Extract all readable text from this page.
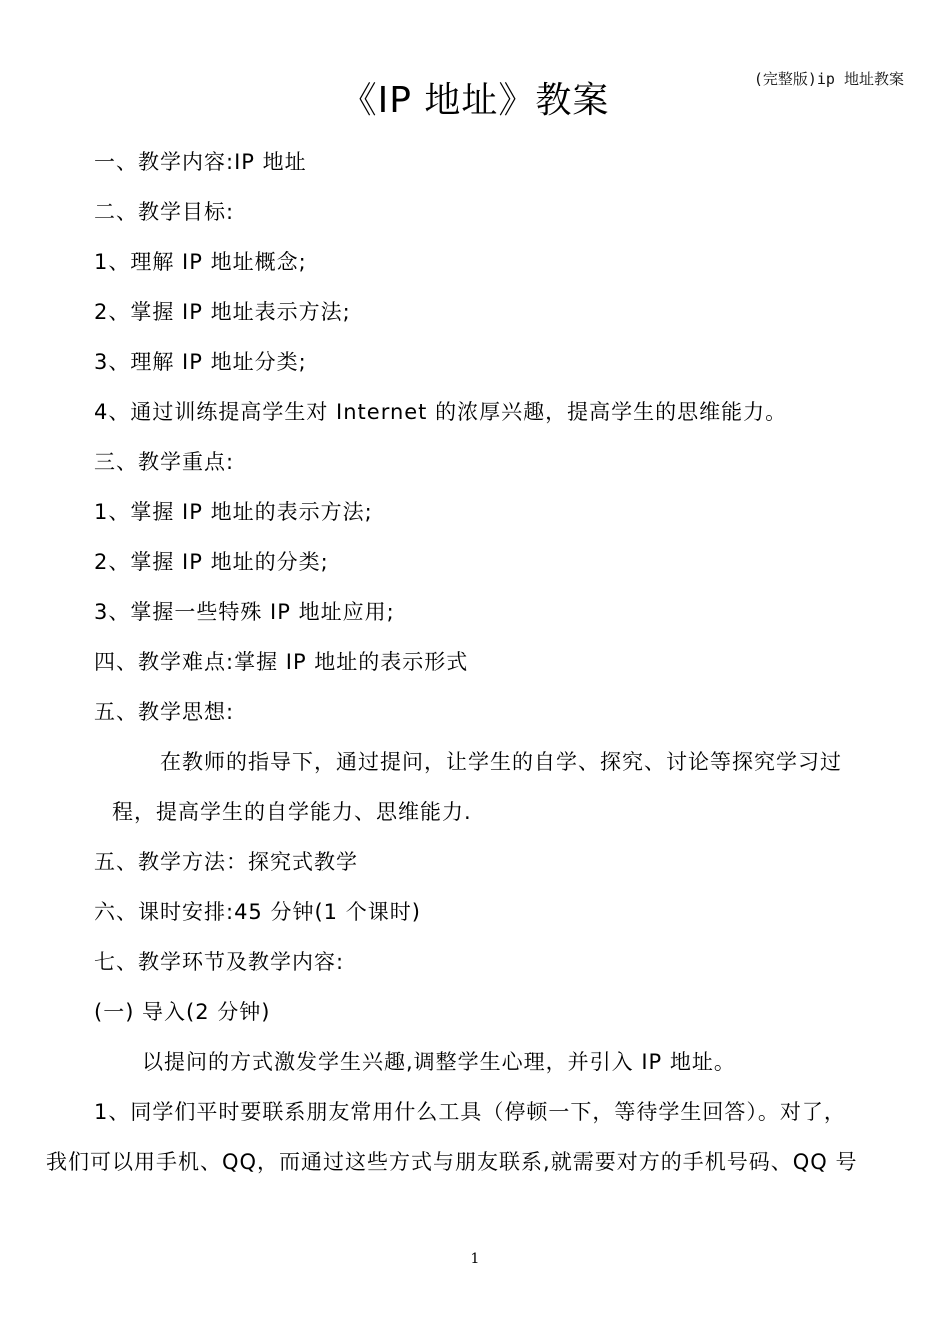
(完整版)ip 地址教案
《IP 地址》教案
一、教学内容:IP 地址
二、教学目标:
1、理解 IP 地址概念;
2、掌握 IP 地址表示方法;
3、理解 IP 地址分类;
4、通过训练提高学生对 Internet 的浓厚兴趣，提高学生的思维能力。
三、教学重点:
1、掌握 IP 地址的表示方法;
2、掌握 IP 地址的分类;
3、掌握一些特殊 IP 地址应用;
四、教学难点:掌握 IP 地址的表示形式
五、教学思想:
在教师的指导下，通过提问，让学生的自学、探究、讨论等探究学习过
程，提高学生的自学能力、思维能力.
五、教学方法：探究式教学
六、课时安排:45 分钟(1 个课时)
七、教学环节及教学内容:
(一) 导入(2 分钟)
以提问的方式激发学生兴趣,调整学生心理，并引入 IP 地址。
1、同学们平时要联系朋友常用什么工具（停顿一下，等待学生回答）。对了，
我们可以用手机、QQ，而通过这些方式与朋友联系,就需要对方的手机号码、QQ 号
1
